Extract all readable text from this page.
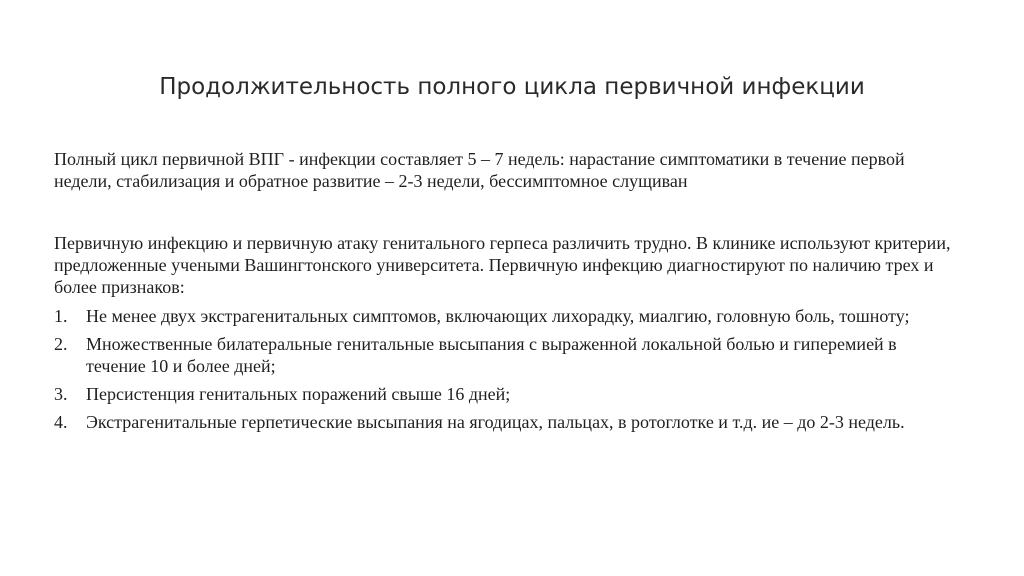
Продолжительность полного цикла первичной инфекции
Полный цикл первичной ВПГ - инфекции составляет 5 – 7 недель: нарастание симптоматики в течение первой недели, стабилизация и обратное развитие – 2-3 недели, бессимптомное слущиван
Первичную инфекцию и первичную атаку генитального герпеса различить трудно. В клинике используют критерии, предложенные учеными Вашингтонского университета. Первичную инфекцию диагностируют по наличию трех и более признаков:
1.	Не менее двух экстрагенитальных симптомов, включающих лихорадку, миалгию, головную боль, тошноту;
2.	Множественные билатеральные генитальные высыпания с выраженной локальной болью и гиперемией в течение 10 и более дней;
3.	Персистенция генитальных поражений свыше 16 дней;
4.	Экстрагенитальные герпетические высыпания на ягодицах, пальцах, в ротоглотке и т.д. ие – до 2-3 недель.
